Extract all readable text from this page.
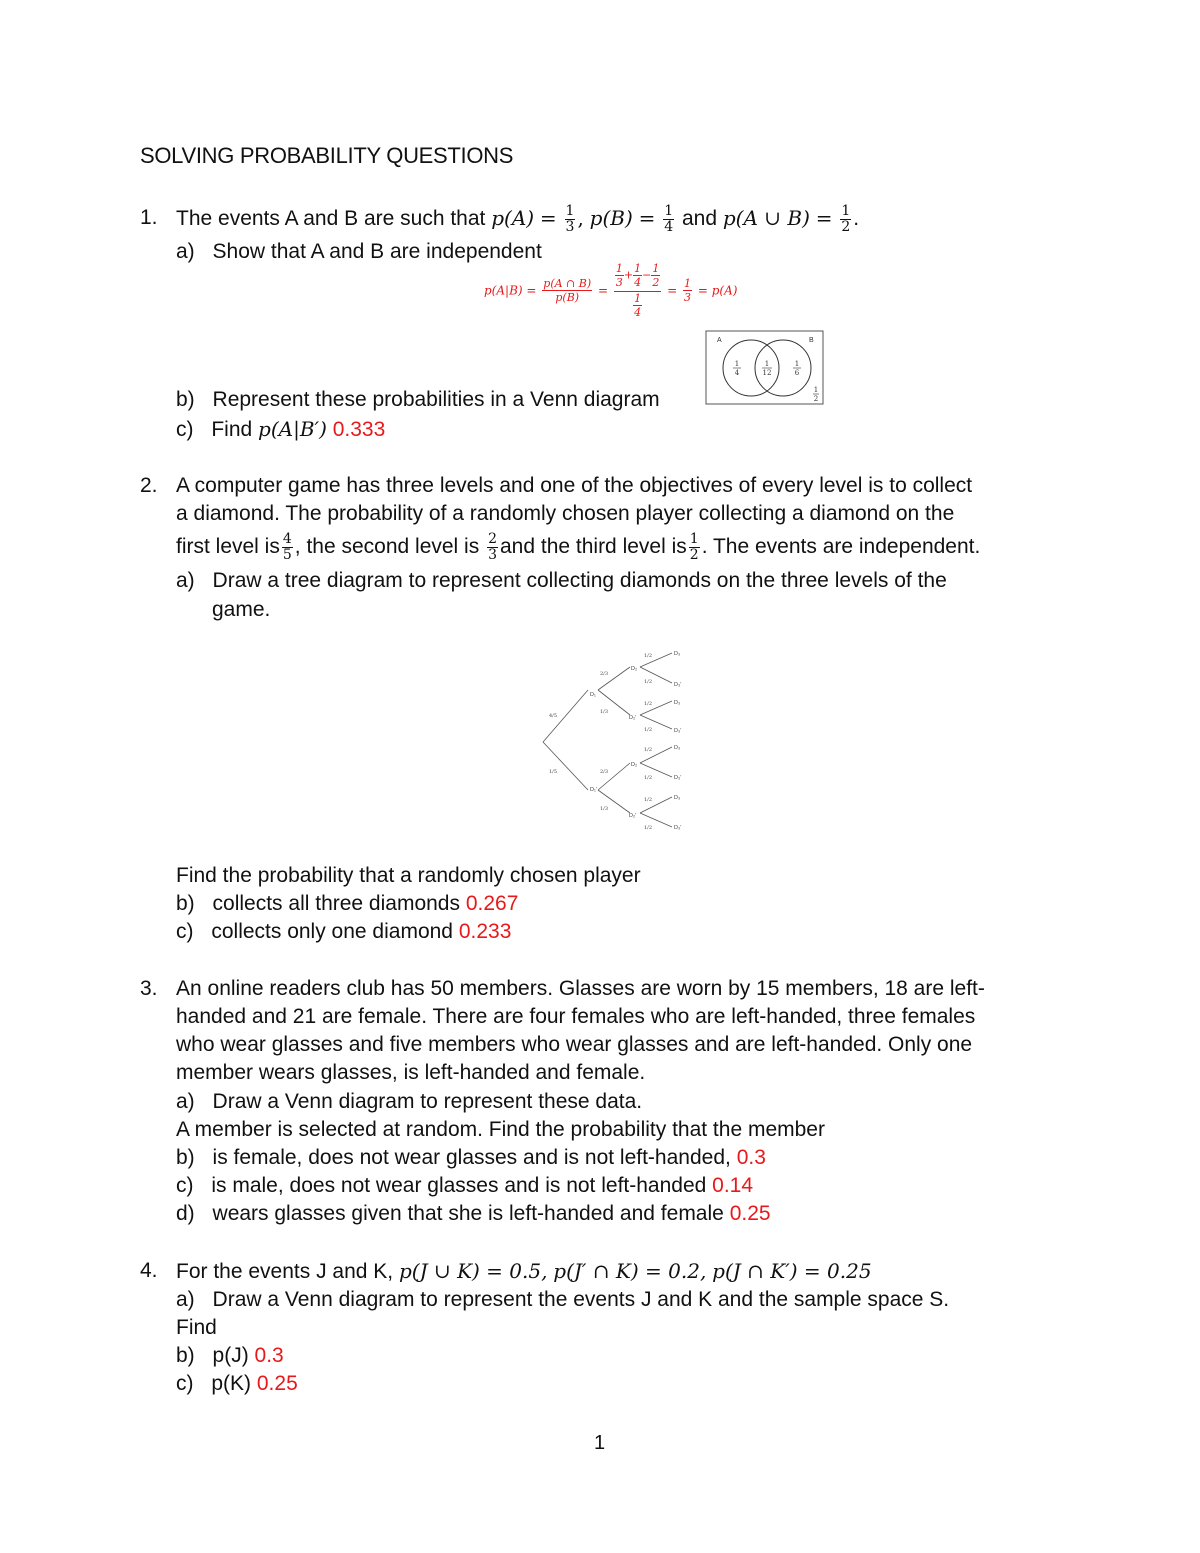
SOLVING PROBABILITY QUESTIONS
1. The events A and B are such that $p(A) = \frac{1}{3}$ , $p(B) = \frac{1}{4}$ and p(A ∪ $B) = \frac{1}{2}$ .
a) Show that A and B are independent
$p(A|B) = \frac{p(A \cap B)}{p(B)} = \frac{\frac{1}{3} + \frac{1}{4} - \frac{1}{2}}{\frac{1}{4}} = \frac{1}{3} = p(A)$
A	B
1
4
1
12
1
6
1
2
b) Represent these probabilities in a Venn diagram
c) Find p(A|B′) 0.333
2. A computer game has three levels and one of the objectives of every level is to collect
a diamond. The probability of a randomly chosen player collecting a diamond on the
first level is $\frac{4}{5}$ , the second level is $\frac{2}{3}$ and the third level is $\frac{1}{2}$ . The events are independent.
a) Draw a tree diagram to represent collecting diamonds on the three levels of the
game.
D₁
D₁′
D₂
D₂′
D₂
D₂′
D₃
D₃′
D₃
D₃′
D₃
D₃′
D₃
D₃′
4/5
1/5
2/3
1/3
2/3
1/3
1/2
1/2
1/2
1/2
1/2
1/2
1/2
1/2
Find the probability that a randomly chosen player
b) collects all three diamonds 0.267
c) collects only one diamond 0.233
3. An online readers club has 50 members. Glasses are worn by 15 members, 18 are left-
handed and 21 are female. There are four females who are left-handed, three females
who wear glasses and five members who wear glasses and are left-handed. Only one
member wears glasses, is left-handed and female.
a) Draw a Venn diagram to represent these data.
A member is selected at random. Find the probability that the member
b) is female, does not wear glasses and is not left-handed, 0.3
c) is male, does not wear glasses and is not left-handed 0.14
d) wears glasses given that she is left-handed and female 0.25
4. For the events J and K, p(J ∪ K) = 0.5, p(J′ ∩ K) = 0.2, p(J ∩ K′) = 0.25
a) Draw a Venn diagram to represent the events J and K and the sample space S.
Find
b) p(J) 0.3
c) p(K) 0.25
1
